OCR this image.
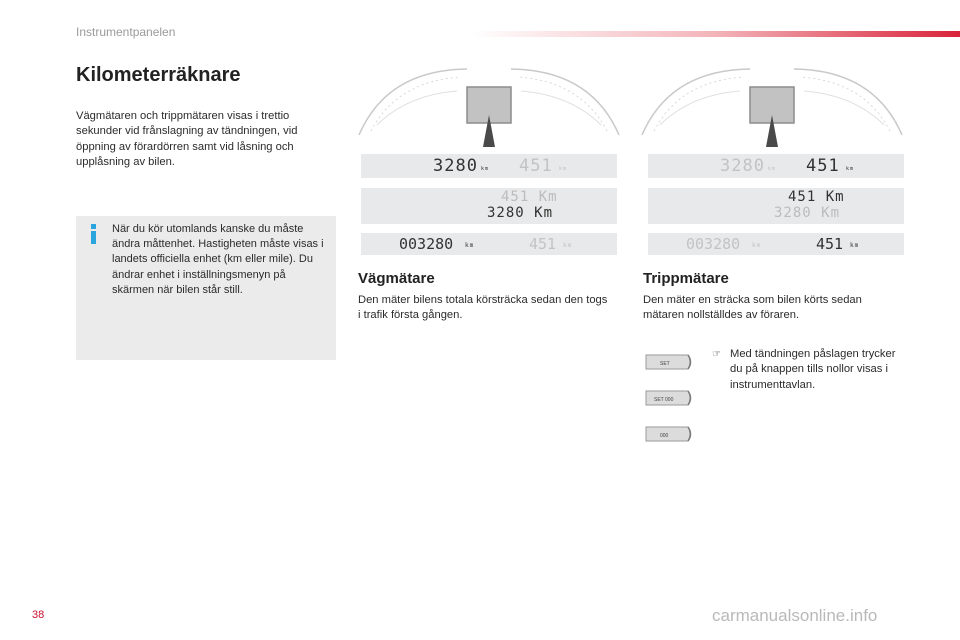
Instrumentpanelen
Kilometerräknare
Vägmätaren och trippmätaren visas i trettio sekunder vid frånslagning av tändningen, vid öppning av förardörren samt vid låsning och upplåsning av bilen.
När du kör utomlands kanske du måste ändra måttenhet. Hastigheten måste visas i landets officiella enhet (km eller mile). Du ändrar enhet i inställningsmenyn på skärmen när bilen står still.
3280 km 451 km
451 Km
3280 Km
003280 km	451 km
3280 km 451 km
451 Km
3280 Km
003280 km	451 km
Vägmätare
Den mäter bilens totala körsträcka sedan den togs i trafik första gången.
Trippmätare
Den mäter en sträcka som bilen körts sedan mätaren nollställdes av föraren.
SET
SET 000
000
☞ Med tändningen påslagen trycker du på knappen tills nollor visas i instrumenttavlan.
38	carmanualsonline.info
